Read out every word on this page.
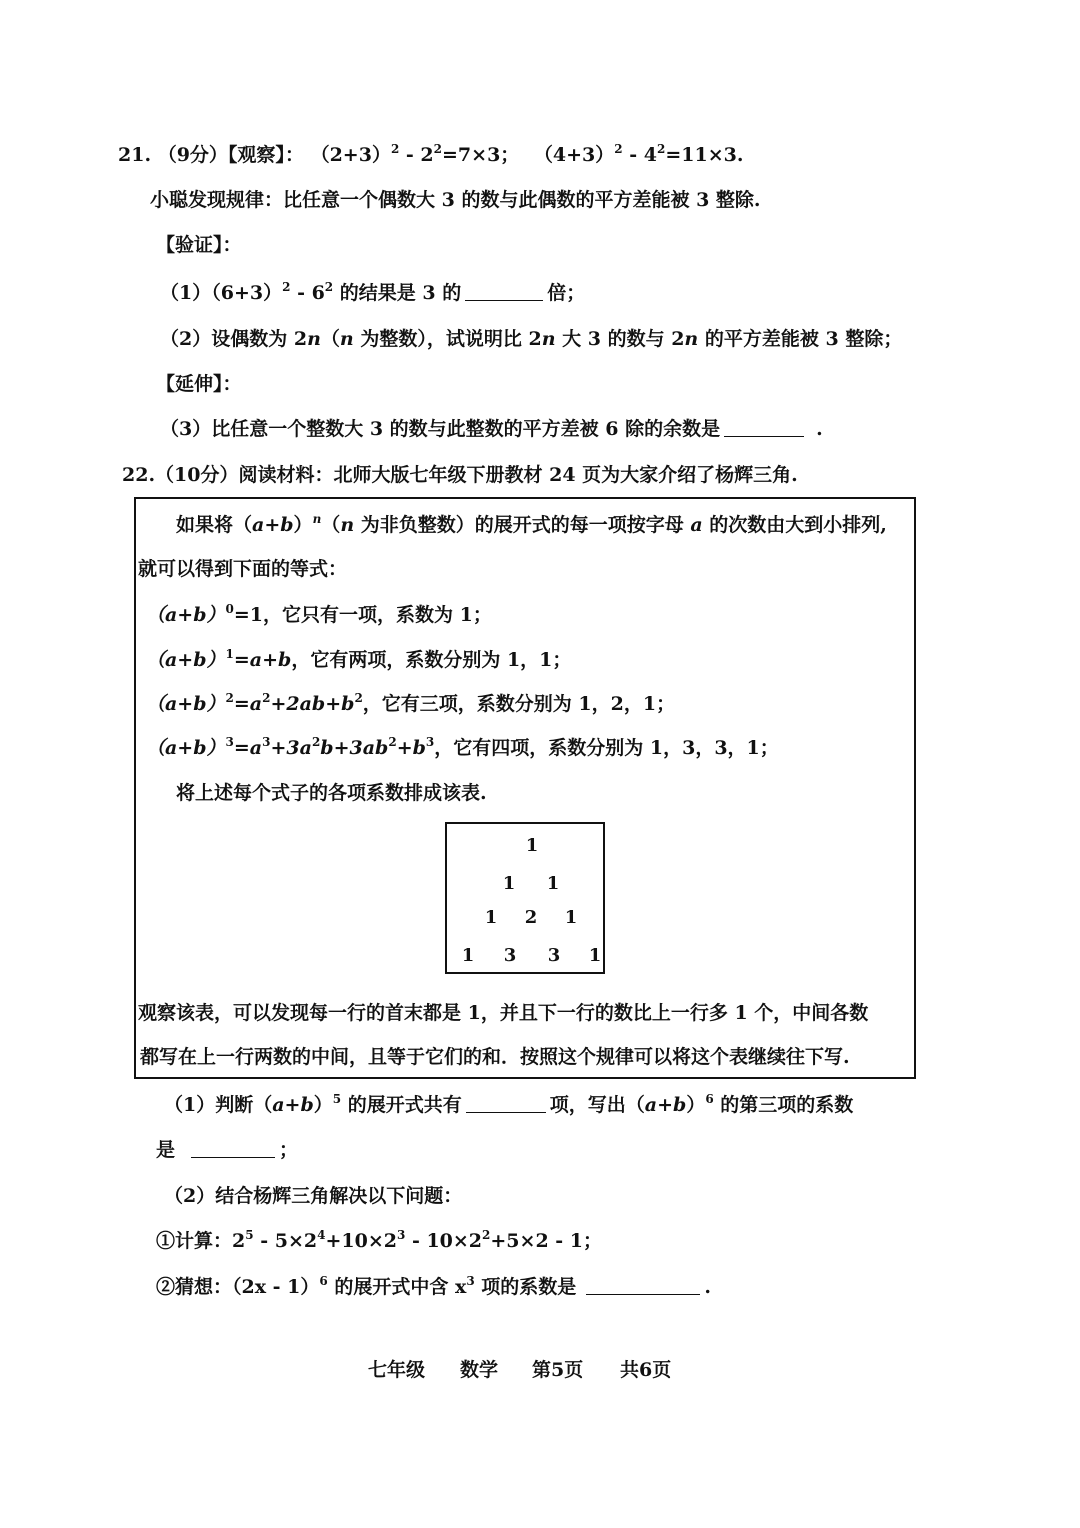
21. （9分）【观察】： $(2+3)^2 - 2^2=7\times 3$； $(4+3)^2 - 4^2=11\times 3$.
小聪发现规律：比任意一个偶数大 3 的数与此偶数的平方差能被 3 整除.
【验证】：
$(1)(6+3)^2 - 6^2$ 的结果是 3 的	倍；
（2）设偶数为 2n（n 为整数），试说明比 2n 大 3 的数与 2n 的平方差能被 3 整除；
【延伸】：
（3）比任意一个整数大 3 的数与此整数的平方差被 6 除的余数是	.
22.（10分）阅读材料：北师大版七年级下册教材 24 页为大家介绍了杨辉三角.
如果将$(a+b)^n(n$ 为非负整数）的展开式的每一项按字母 a 的次数由大到小排列,
就可以得到下面的等式：
$(a+b)^0=1$，它只有一项，系数为 1；
$(a+b)^1=a+b$，它有两项，系数分别为 1，1；
$(a+b)^2=a^2+2ab+b^2$，它有三项，系数分别为 1，2，1；
$(a+b)^3=a^3+3a^2b+3ab^2+b^3$，它有四项，系数分别为 1，3，3，1；
将上述每个式子的各项系数排成该表.
1
1 1
1 2 1
1 3 3 1
观察该表，可以发现每一行的首末都是 1，并且下一行的数比上一行多 1 个，中间各数
都写在上一行两数的中间，且等于它们的和．按照这个规律可以将这个表继续往下写.
（1）判断$(a+b)^5$ 的展开式共有	项，写出$(a+b)^6$ 的第三项的系数
是	；
（2）结合杨辉三角解决以下问题：
①计算：$2^5 - 5\times 2^4+10\times 2^3 - 10\times 2^2+5\times 2 - 1$；
②猜想：（2x - 1）$^6$ 的展开式中含 $x^3$ 项的系数是	.
七年级 数学 第5页 共6页
